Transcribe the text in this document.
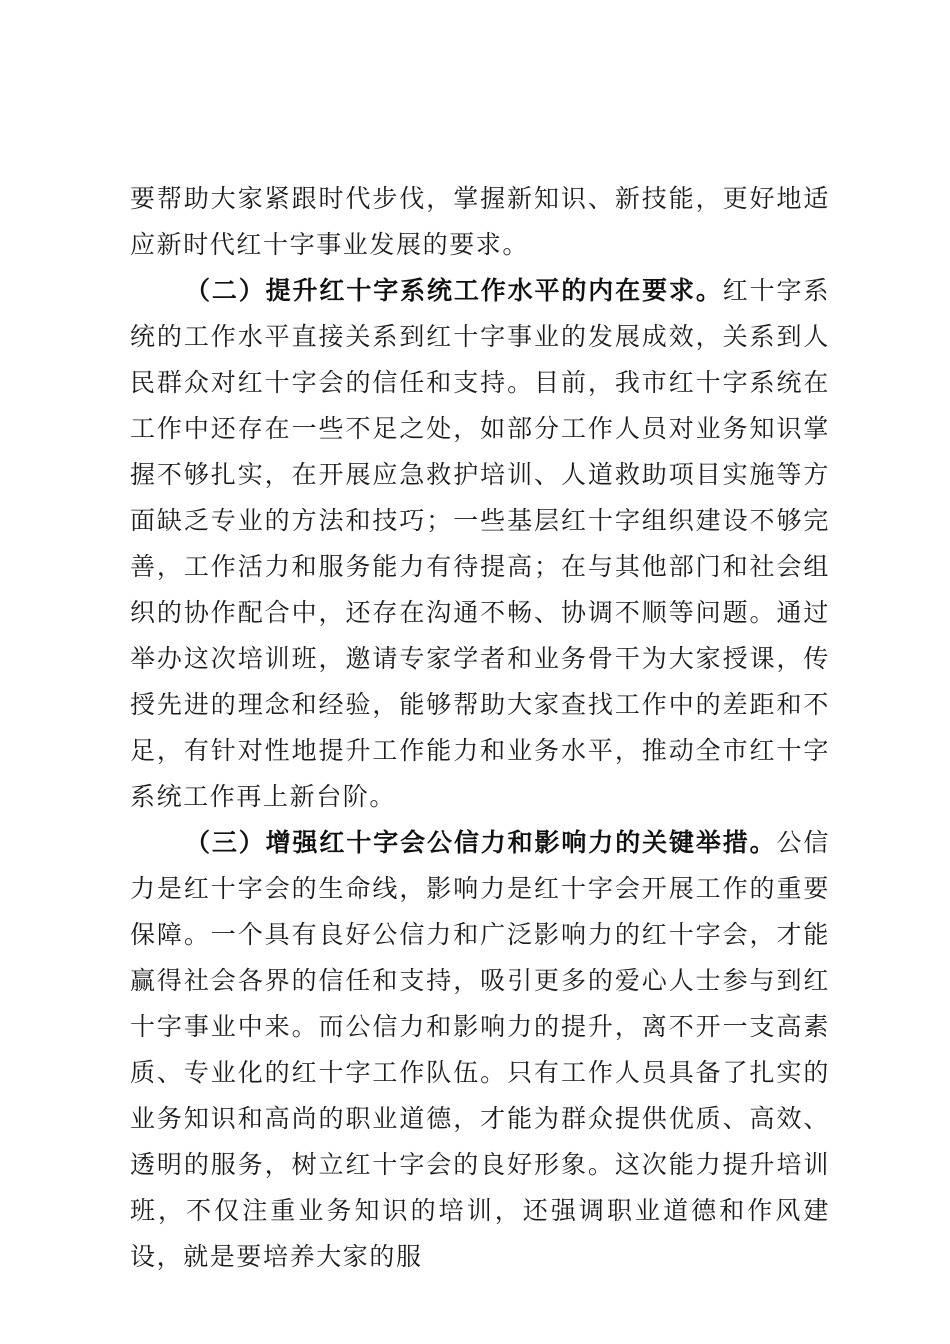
要帮助大家紧跟时代步伐，掌握新知识、新技能，更好地适应新时代红十字事业发展的要求。

（二）提升红十字系统工作水平的内在要求。红十字系统的工作水平直接关系到红十字事业的发展成效，关系到人民群众对红十字会的信任和支持。目前，我市红十字系统在工作中还存在一些不足之处，如部分工作人员对业务知识掌握不够扎实，在开展应急救护培训、人道救助项目实施等方面缺乏专业的方法和技巧；一些基层红十字组织建设不够完善，工作活力和服务能力有待提高；在与其他部门和社会组织的协作配合中，还存在沟通不畅、协调不顺等问题。通过举办这次培训班，邀请专家学者和业务骨干为大家授课，传授先进的理念和经验，能够帮助大家查找工作中的差距和不足，有针对性地提升工作能力和业务水平，推动全市红十字系统工作再上新台阶。

（三）增强红十字会公信力和影响力的关键举措。公信力是红十字会的生命线，影响力是红十字会开展工作的重要保障。一个具有良好公信力和广泛影响力的红十字会，才能赢得社会各界的信任和支持，吸引更多的爱心人士参与到红十字事业中来。而公信力和影响力的提升，离不开一支高素质、专业化的红十字工作队伍。只有工作人员具备了扎实的业务知识和高尚的职业道德，才能为群众提供优质、高效、透明的服务，树立红十字会的良好形象。这次能力提升培训班，不仅注重业务知识的培训，还强调职业道德和作风建设，就是要培养大家的服
